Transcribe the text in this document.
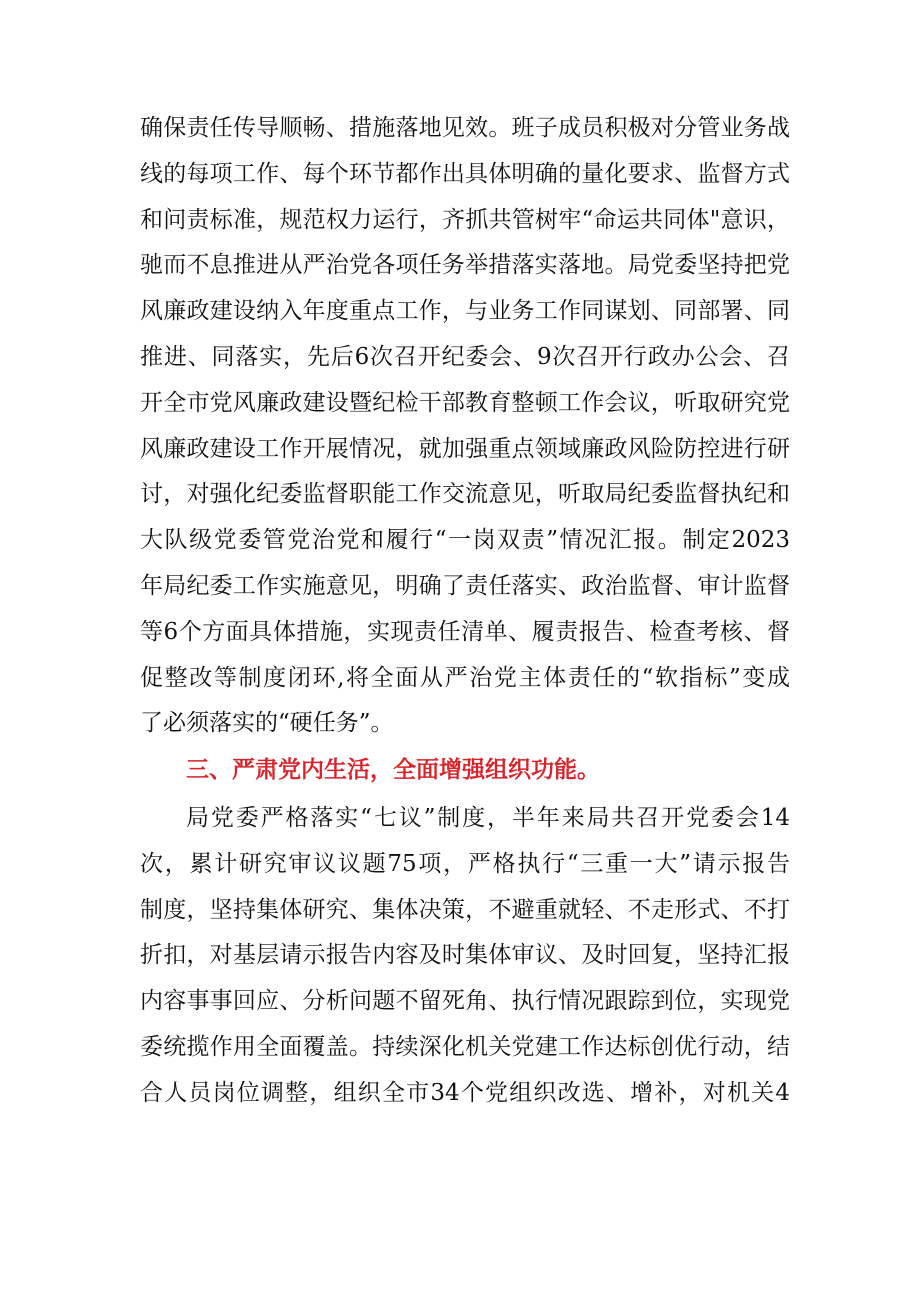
确保责任传导顺畅、措施落地见效。班子成员积极对分管业务战
线的每项工作、每个环节都作出具体明确的量化要求、监督方式
和问责标准，规范权力运行，齐抓共管树牢“命运共同体"意识，
驰而不息推进从严治党各项任务举措落实落地。局党委坚持把党
风廉政建设纳入年度重点工作，与业务工作同谋划、同部署、同
推进、同落实，先后6次召开纪委会、9次召开行政办公会、召
开全市党风廉政建设暨纪检干部教育整顿工作会议，听取研究党
风廉政建设工作开展情况，就加强重点领域廉政风险防控进行研
讨，对强化纪委监督职能工作交流意见，听取局纪委监督执纪和
大队级党委管党治党和履行“一岗双责”情况汇报。制定2023
年局纪委工作实施意见，明确了责任落实、政治监督、审计监督
等6个方面具体措施，实现责任清单、履责报告、检查考核、督
促整改等制度闭环,将全面从严治党主体责任的“软指标”变成
了必须落实的“硬任务”。
三、严肃党内生活，全面增强组织功能。
局党委严格落实“七议”制度，半年来局共召开党委会14
次，累计研究审议议题75项，严格执行“三重一大”请示报告
制度，坚持集体研究、集体决策，不避重就轻、不走形式、不打
折扣，对基层请示报告内容及时集体审议、及时回复，坚持汇报
内容事事回应、分析问题不留死角、执行情况跟踪到位，实现党
委统揽作用全面覆盖。持续深化机关党建工作达标创优行动，结
合人员岗位调整，组织全市34个党组织改选、增补，对机关4
